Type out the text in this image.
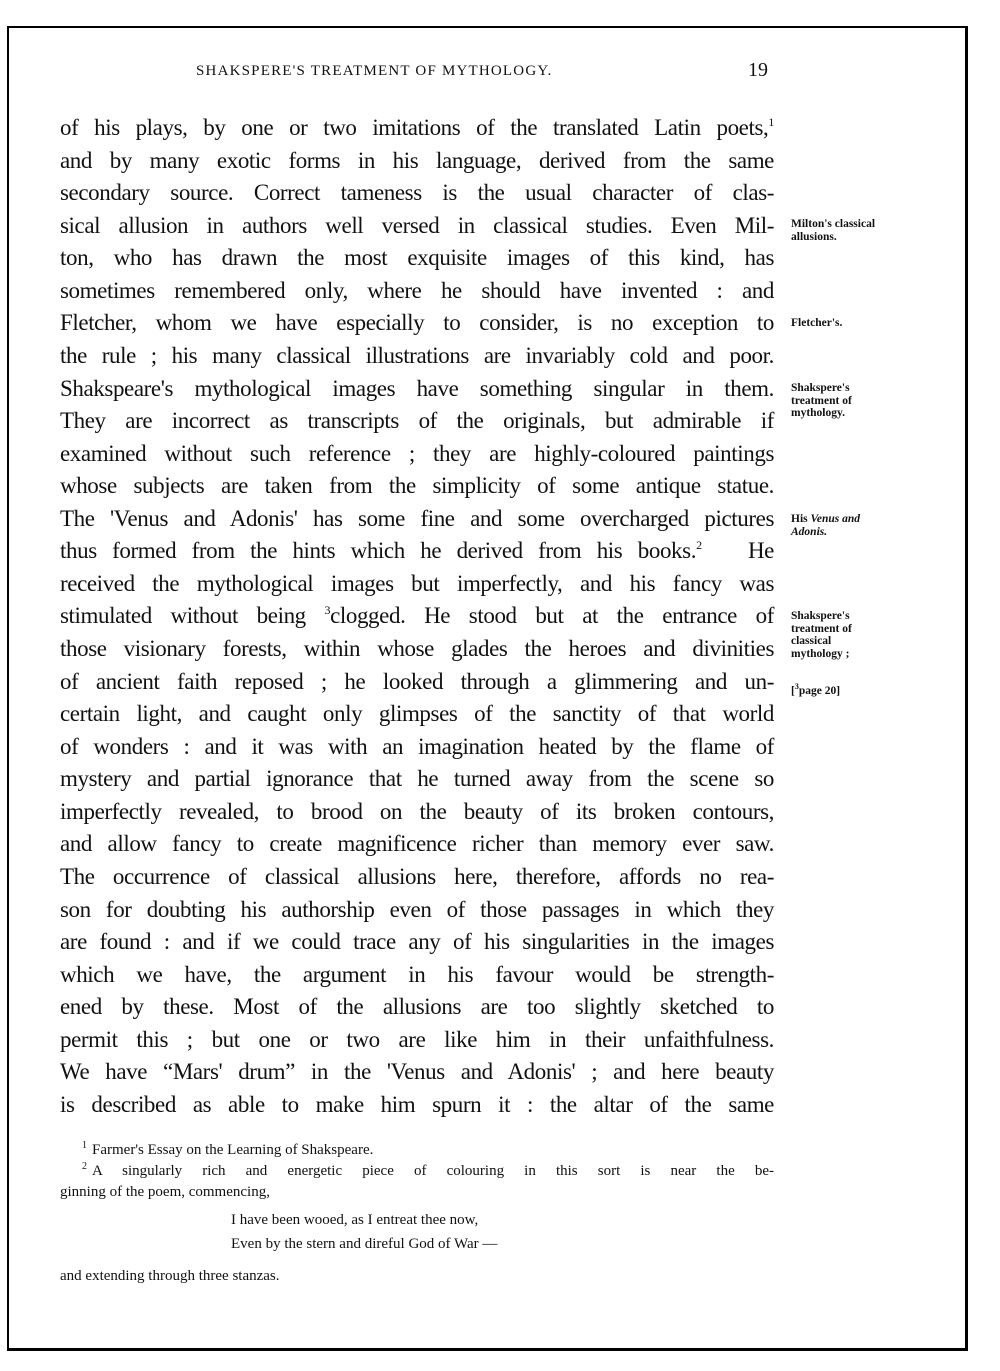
SHAKSPERE'S TREATMENT OF MYTHOLOGY.	19
of his plays, by one or two imitations of the translated Latin poets,$^1$
and by many exotic forms in his language, derived from the same
secondary source. Correct tameness is the usual character of clas-
sical allusion in authors well versed in classical studies. Even Mil-
ton, who has drawn the most exquisite images of this kind, has
sometimes remembered only, where he should have invented : and
Fletcher, whom we have especially to consider, is no exception to
the rule ; his many classical illustrations are invariably cold and poor.
Shakspeare's mythological images have something singular in them.
They are incorrect as transcripts of the originals, but admirable if
examined without such reference ; they are highly-coloured paintings
whose subjects are taken from the simplicity of some antique statue.
The 'Venus and Adonis' has some fine and some overcharged pictures
thus formed from the hints which he derived from his books.$^2$ He
received the mythological images but imperfectly, and his fancy was
stimulated without being $^3$clogged. He stood but at the entrance of
those visionary forests, within whose glades the heroes and divinities
of ancient faith reposed ; he looked through a glimmering and un-
certain light, and caught only glimpses of the sanctity of that world
of wonders : and it was with an imagination heated by the flame of
mystery and partial ignorance that he turned away from the scene so
imperfectly revealed, to brood on the beauty of its broken contours,
and allow fancy to create magnificence richer than memory ever saw.
The occurrence of classical allusions here, therefore, affords no rea-
son for doubting his authorship even of those passages in which they
are found : and if we could trace any of his singularities in the images
which we have, the argument in his favour would be strength-
ened by these. Most of the allusions are too slightly sketched to
permit this ; but one or two are like him in their unfaithfulness.
We have “Mars' drum” in the 'Venus and Adonis' ; and here beauty
is described as able to make him spurn it : the altar of the same
Milton's classical
allusions.
Fletcher's.
Shakspere's
treatment of
mythology.
His Venus and
Adonis.
Shakspere's
treatment of
classical
mythology ;
[$^3$page 20]
$^1$ Farmer's Essay on the Learning of Shakspeare.
$^2$ A singularly rich and energetic piece of colouring in this sort is near the be-
ginning of the poem, commencing,
I have been wooed, as I entreat thee now,
Even by the stern and direful God of War —
and extending through three stanzas.
